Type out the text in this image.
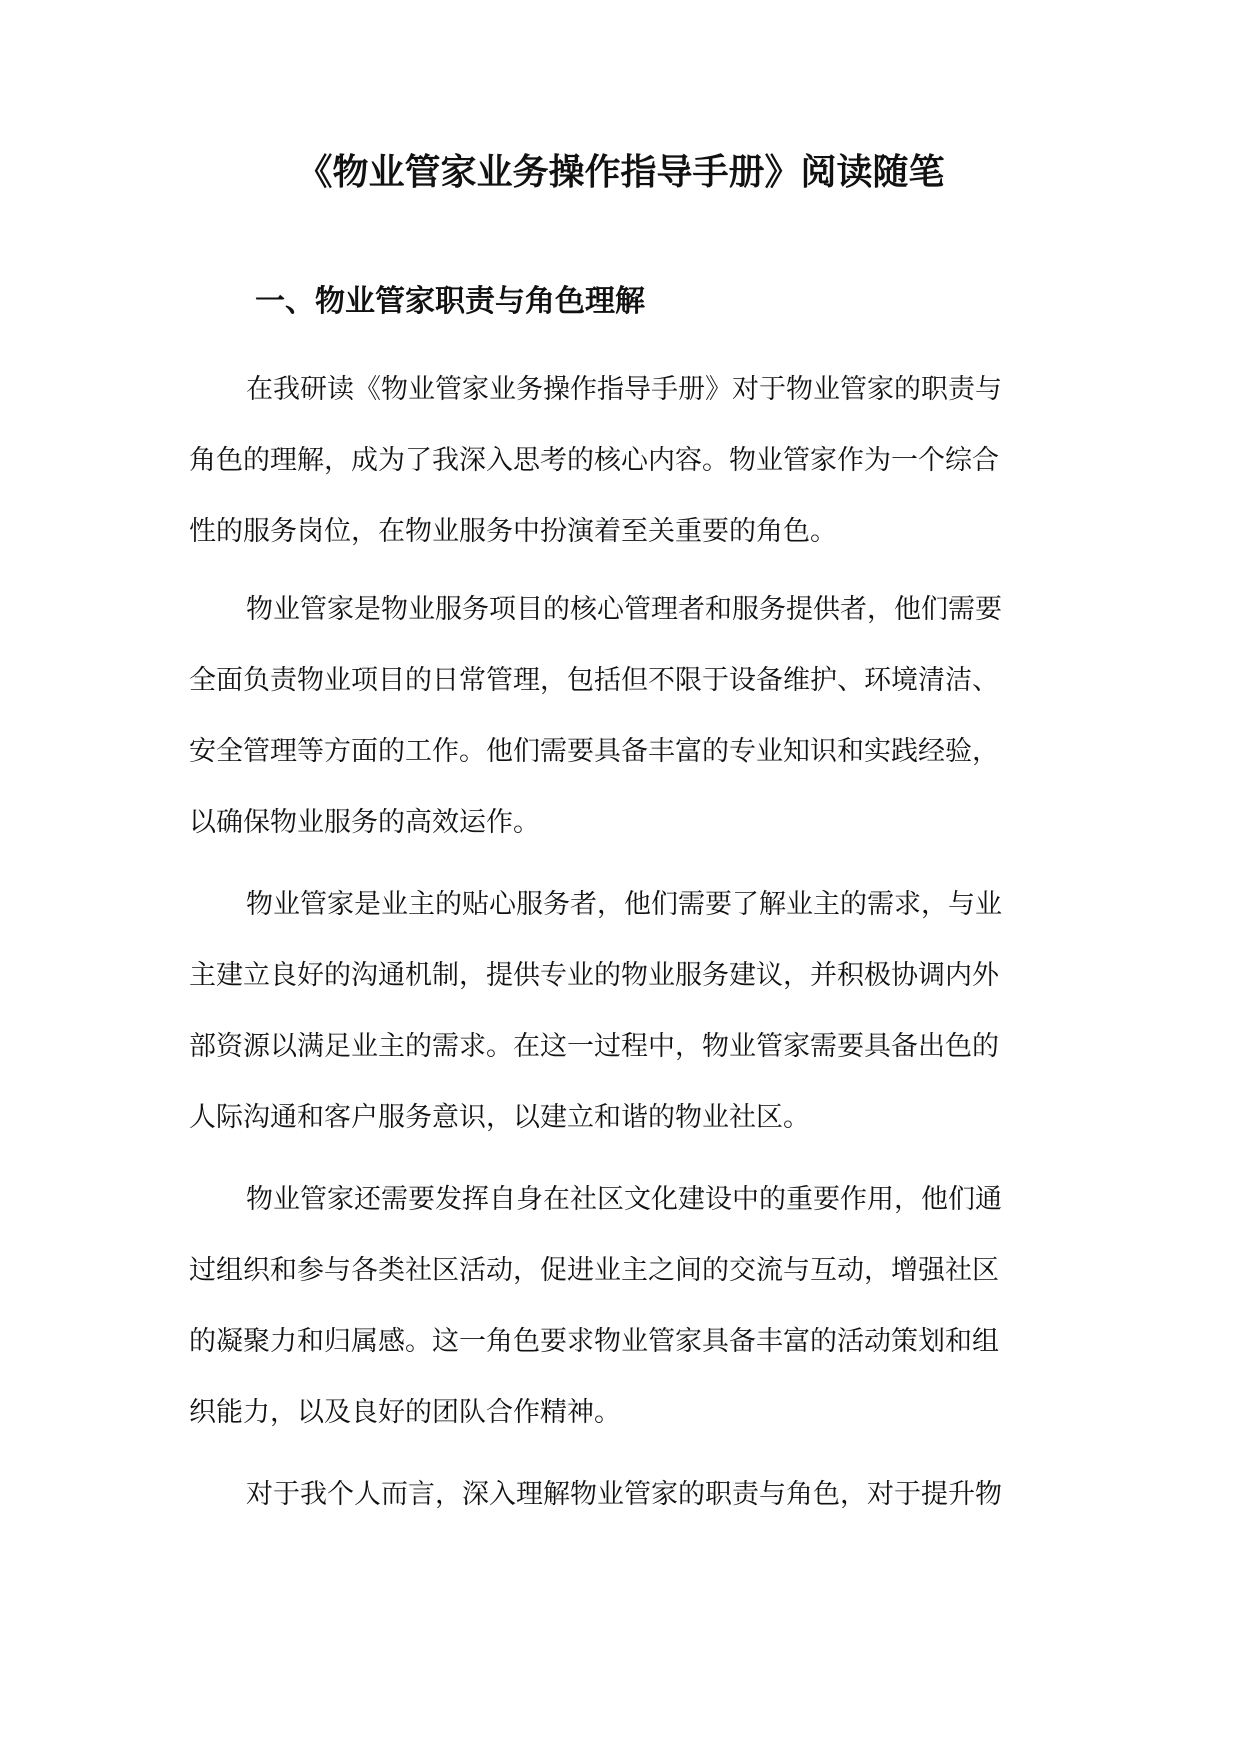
《物业管家业务操作指导手册》阅读随笔
一、物业管家职责与角色理解

在我研读《物业管家业务操作指导手册》对于物业管家的职责与

角色的理解，成为了我深入思考的核心内容。物业管家作为一个综合

性的服务岗位，在物业服务中扮演着至关重要的角色。

物业管家是物业服务项目的核心管理者和服务提供者，他们需要

全面负责物业项目的日常管理，包括但不限于设备维护、环境清洁、

安全管理等方面的工作。他们需要具备丰富的专业知识和实践经验，

以确保物业服务的高效运作。

物业管家是业主的贴心服务者，他们需要了解业主的需求，与业

主建立良好的沟通机制，提供专业的物业服务建议，并积极协调内外

部资源以满足业主的需求。在这一过程中，物业管家需要具备出色的

人际沟通和客户服务意识，以建立和谐的物业社区。

物业管家还需要发挥自身在社区文化建设中的重要作用，他们通

过组织和参与各类社区活动，促进业主之间的交流与互动，增强社区

的凝聚力和归属感。这一角色要求物业管家具备丰富的活动策划和组

织能力，以及良好的团队合作精神。

对于我个人而言，深入理解物业管家的职责与角色，对于提升物
